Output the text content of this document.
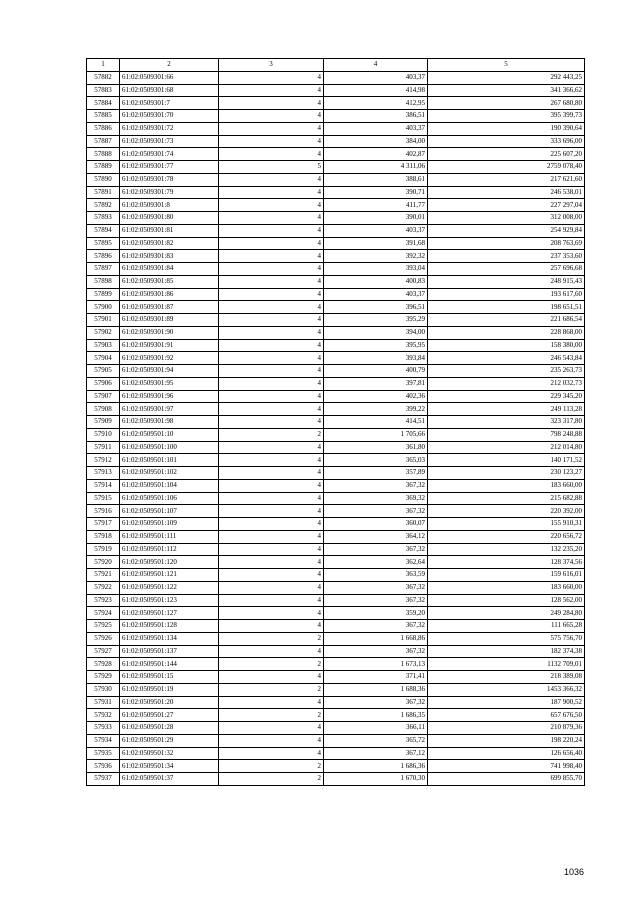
1	2	3	4	5
57882	61:02:0509301:66	4	403,37	292 443,25
57883	61:02:0509301:68	4	414,98	341 366,62
57884	61:02:0509301:7	4	412,95	267 680,80
57885	61:02:0509301:70	4	386,51	395 399,73
57886	61:02:0509301:72	4	403,37	190 390,64
57887	61:02:0509301:73	4	384,00	333 696,00
57888	61:02:0509301:74	4	402,87	225 607,20
57889	61:02:0509301:77	5	4 311,06	2759 078,40
57890	61:02:0509301:78	4	388,61	217 621,60
57891	61:02:0509301:79	4	390,71	246 538,01
57892	61:02:0509301:8	4	411,77	227 297,04
57893	61:02:0509301:80	4	390,01	312 008,00
57894	61:02:0509301:81	4	403,37	254 929,84
57895	61:02:0509301:82	4	391,68	208 763,69
57896	61:02:0509301:83	4	392,32	237 353,60
57897	61:02:0509301:84	4	393,04	257 696,68
57898	61:02:0509301:85	4	400,83	248 915,43
57899	61:02:0509301:86	4	403,37	193 617,60
57900	61:02:0509301:87	4	396,51	198 651,51
57901	61:02:0509301:89	4	395,29	221 686,54
57902	61:02:0509301:90	4	394,00	228 868,00
57903	61:02:0509301:91	4	395,95	158 380,00
57904	61:02:0509301:92	4	393,84	246 543,84
57905	61:02:0509301:94	4	400,79	235 263,73
57906	61:02:0509301:95	4	397,81	212 032,73
57907	61:02:0509301:96	4	402,36	229 345,20
57908	61:02:0509301:97	4	399,22	249 113,28
57909	61:02:0509301:98	4	414,51	323 317,80
57910	61:02:0509501:10	2	1 705,66	798 248,88
57911	61:02:0509501:100	4	361,80	212 014,80
57912	61:02:0509501:101	4	365,03	140 171,52
57913	61:02:0509501:102	4	357,89	230 123,27
57914	61:02:0509501:104	4	367,32	183 660,00
57915	61:02:0509501:106	4	369,32	215 682,88
57916	61:02:0509501:107	4	367,32	220 392,00
57917	61:02:0509501:109	4	360,07	155 910,31
57918	61:02:0509501:111	4	364,12	220 656,72
57919	61:02:0509501:112	4	367,32	132 235,20
57920	61:02:0509501:120	4	362,64	128 374,56
57921	61:02:0509501:121	4	363,59	159 616,01
57922	61:02:0509501:122	4	367,32	183 660,00
57923	61:02:0509501:123	4	367,32	128 562,00
57924	61:02:0509501:127	4	359,20	249 284,80
57925	61:02:0509501:128	4	367,32	111 665,28
57926	61:02:0509501:134	2	1 668,86	575 756,70
57927	61:02:0509501:137	4	367,32	182 374,38
57928	61:02:0509501:144	2	1 673,13	1132 709,01
57929	61:02:0509501:15	4	371,41	218 389,08
57930	61:02:0509501:19	2	1 688,36	1453 366,32
57931	61:02:0509501:20	4	367,32	187 900,52
57932	61:02:0509501:27	2	1 686,35	657 676,50
57933	61:02:0509501:28	4	366,11	210 879,36
57934	61:02:0509501:29	4	365,72	198 220,24
57935	61:02:0509501:32	4	367,12	126 656,40
57936	61:02:0509501:34	2	1 686,36	741 998,40
57937	61:02:0509501:37	2	1 670,30	699 855,70
1036
